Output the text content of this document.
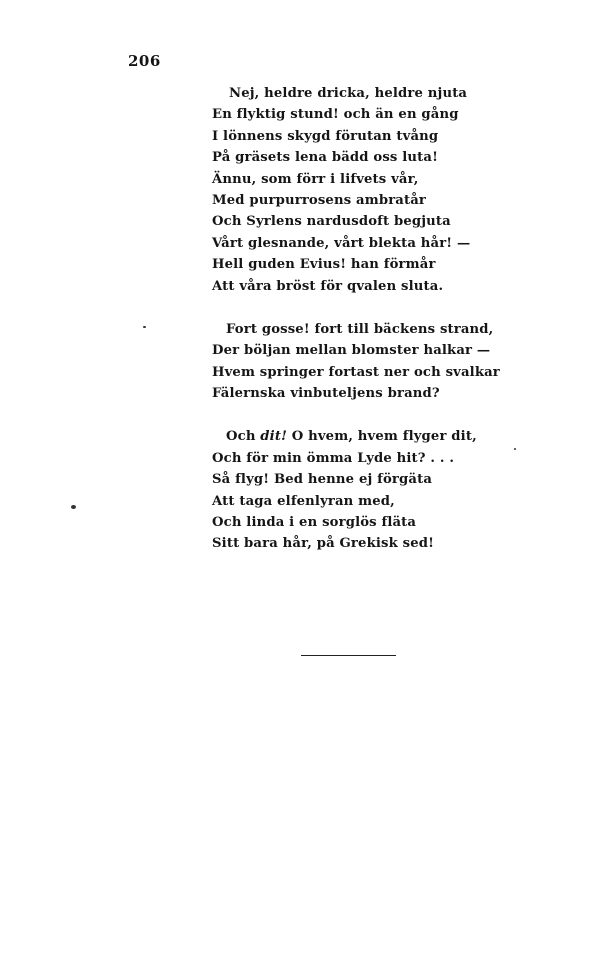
206
Nej, heldre dricka, heldre njuta
En flyktig stund! och än en gång
I lönnens skygd förutan tvång
På gräsets lena bädd oss luta!
Ännu, som förr i lifvets vår,
Med purpurrosens ambratår
Och Syrlens nardusdoft begjuta
Vårt glesnande, vårt blekta hår! —
Hell guden Evius! han förmår
Att våra bröst för qvalen sluta.
Fort gosse! fort till bäckens strand,
Der böljan mellan blomster halkar —
Hvem springer fortast ner och svalkar
Fälernska vinbuteljens brand?
Och dit! O hvem, hvem flyger dit,
Och för min ömma Lyde hit? . . .
Så flyg! Bed henne ej förgäta
Att taga elfenlyran med,
Och linda i en sorglös fläta
Sitt bara hår, på Grekisk sed!
